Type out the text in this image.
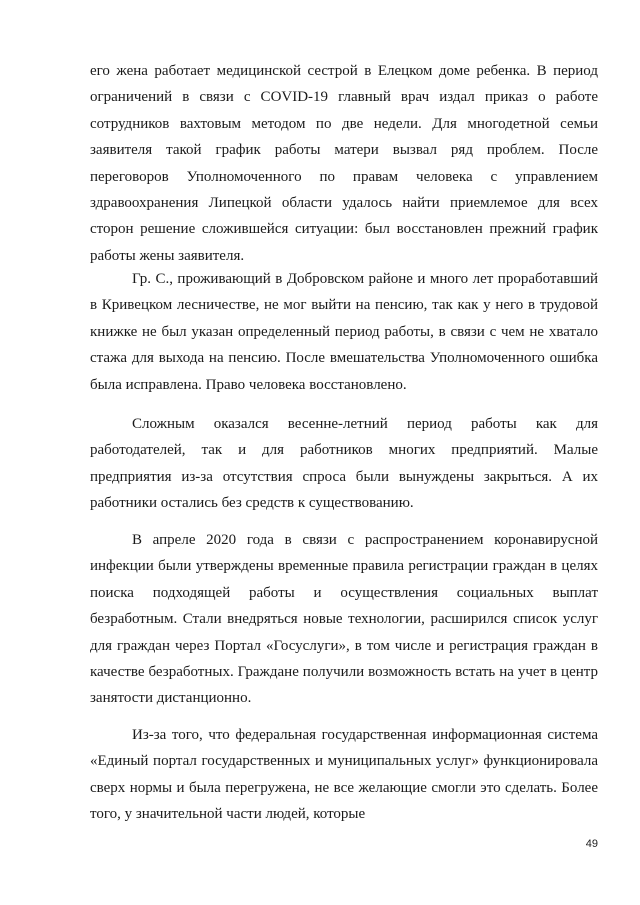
его жена работает медицинской сестрой в Елецком доме ребенка. В период ограничений в связи с COVID-19 главный врач издал приказ о работе сотрудников вахтовым методом по две недели. Для многодетной семьи заявителя такой график работы матери вызвал ряд проблем. После переговоров Уполномоченного по правам человека с управлением здравоохранения Липецкой области удалось найти приемлемое для всех сторон решение сложившейся ситуации: был восстановлен прежний график работы жены заявителя.

Гр. С., проживающий в Добровском районе и много лет проработавший в Кривецком лесничестве, не мог выйти на пенсию, так как у него в трудовой книжке не был указан определенный период работы, в связи с чем не хватало стажа для выхода на пенсию. После вмешательства Уполномоченного ошибка была исправлена. Право человека восстановлено.

Сложным оказался весенне-летний период работы как для работодателей, так и для работников многих предприятий. Малые предприятия из-за отсутствия спроса были вынуждены закрыться. А их работники остались без средств к существованию.

В апреле 2020 года в связи с распространением коронавирусной инфекции были утверждены временные правила регистрации граждан в целях поиска подходящей работы и осуществления социальных выплат безработным. Стали внедряться новые технологии, расширился список услуг для граждан через Портал «Госуслуги», в том числе и регистрация граждан в качестве безработных. Граждане получили возможность встать на учет в центр занятости дистанционно.

Из-за того, что федеральная государственная информационная система «Единый портал государственных и муниципальных услуг» функционировала сверх нормы и была перегружена, не все желающие смогли это сделать. Более того, у значительной части людей, которые

49
